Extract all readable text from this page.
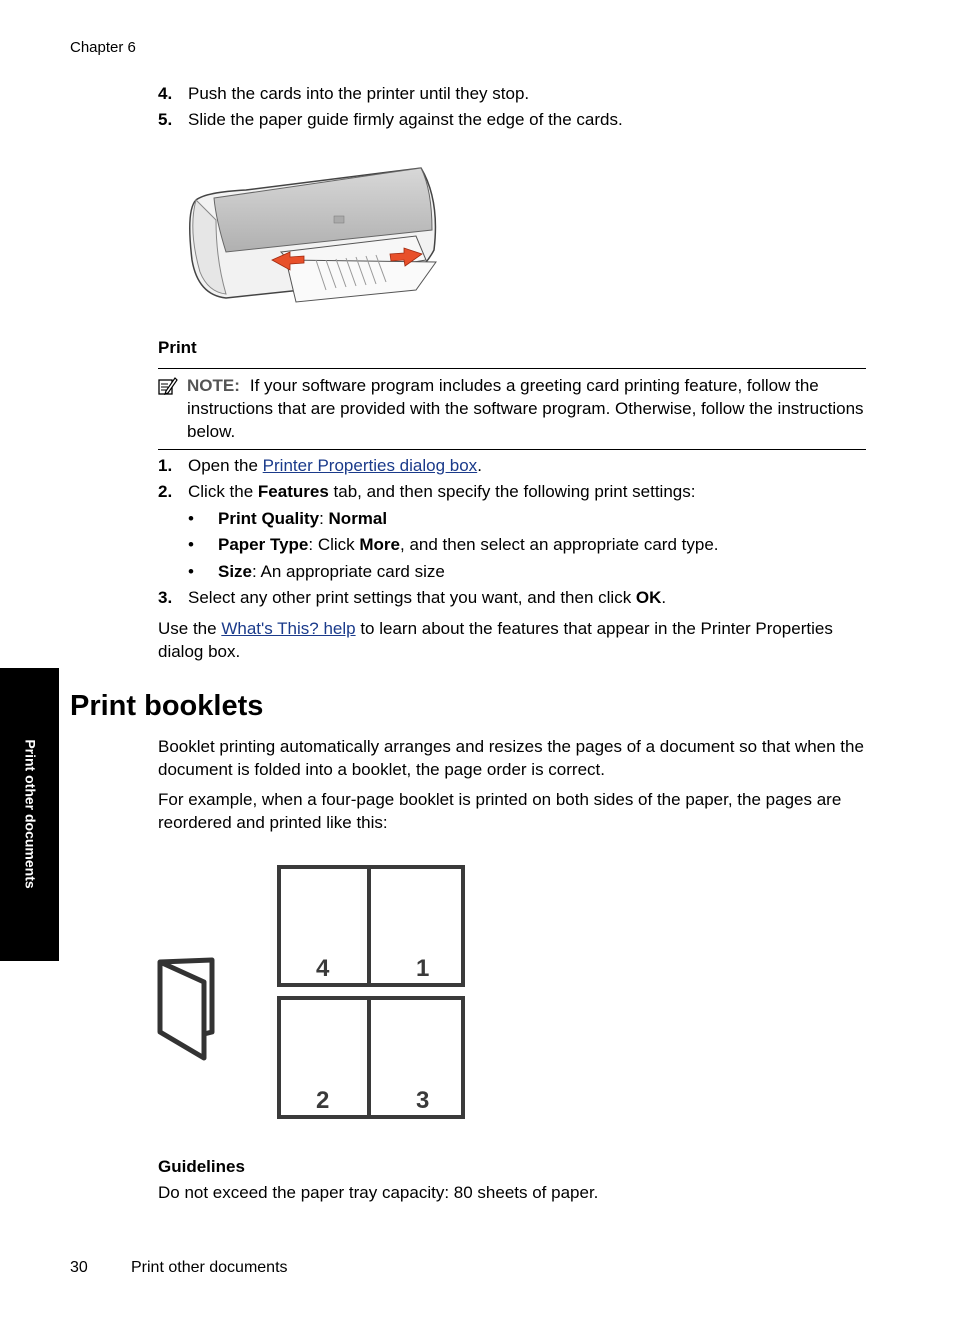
Chapter 6
4. Push the cards into the printer until they stop.
5. Slide the paper guide firmly against the edge of the cards.
Print
NOTE: If your software program includes a greeting card printing feature, follow the instructions that are provided with the software program. Otherwise, follow the instructions below.
1. Open the Printer Properties dialog box.
2. Click the Features tab, and then specify the following print settings:
• Print Quality: Normal
• Paper Type: Click More, and then select an appropriate card type.
• Size: An appropriate card size
3. Select any other print settings that you want, and then click OK.
Use the What's This? help to learn about the features that appear in the Printer Properties dialog box.
Print other documents
Print booklets
Booklet printing automatically arranges and resizes the pages of a document so that when the document is folded into a booklet, the page order is correct.
For example, when a four-page booklet is printed on both sides of the paper, the pages are reordered and printed like this:
4	1
2	3
Guidelines
Do not exceed the paper tray capacity: 80 sheets of paper.
30	Print other documents
